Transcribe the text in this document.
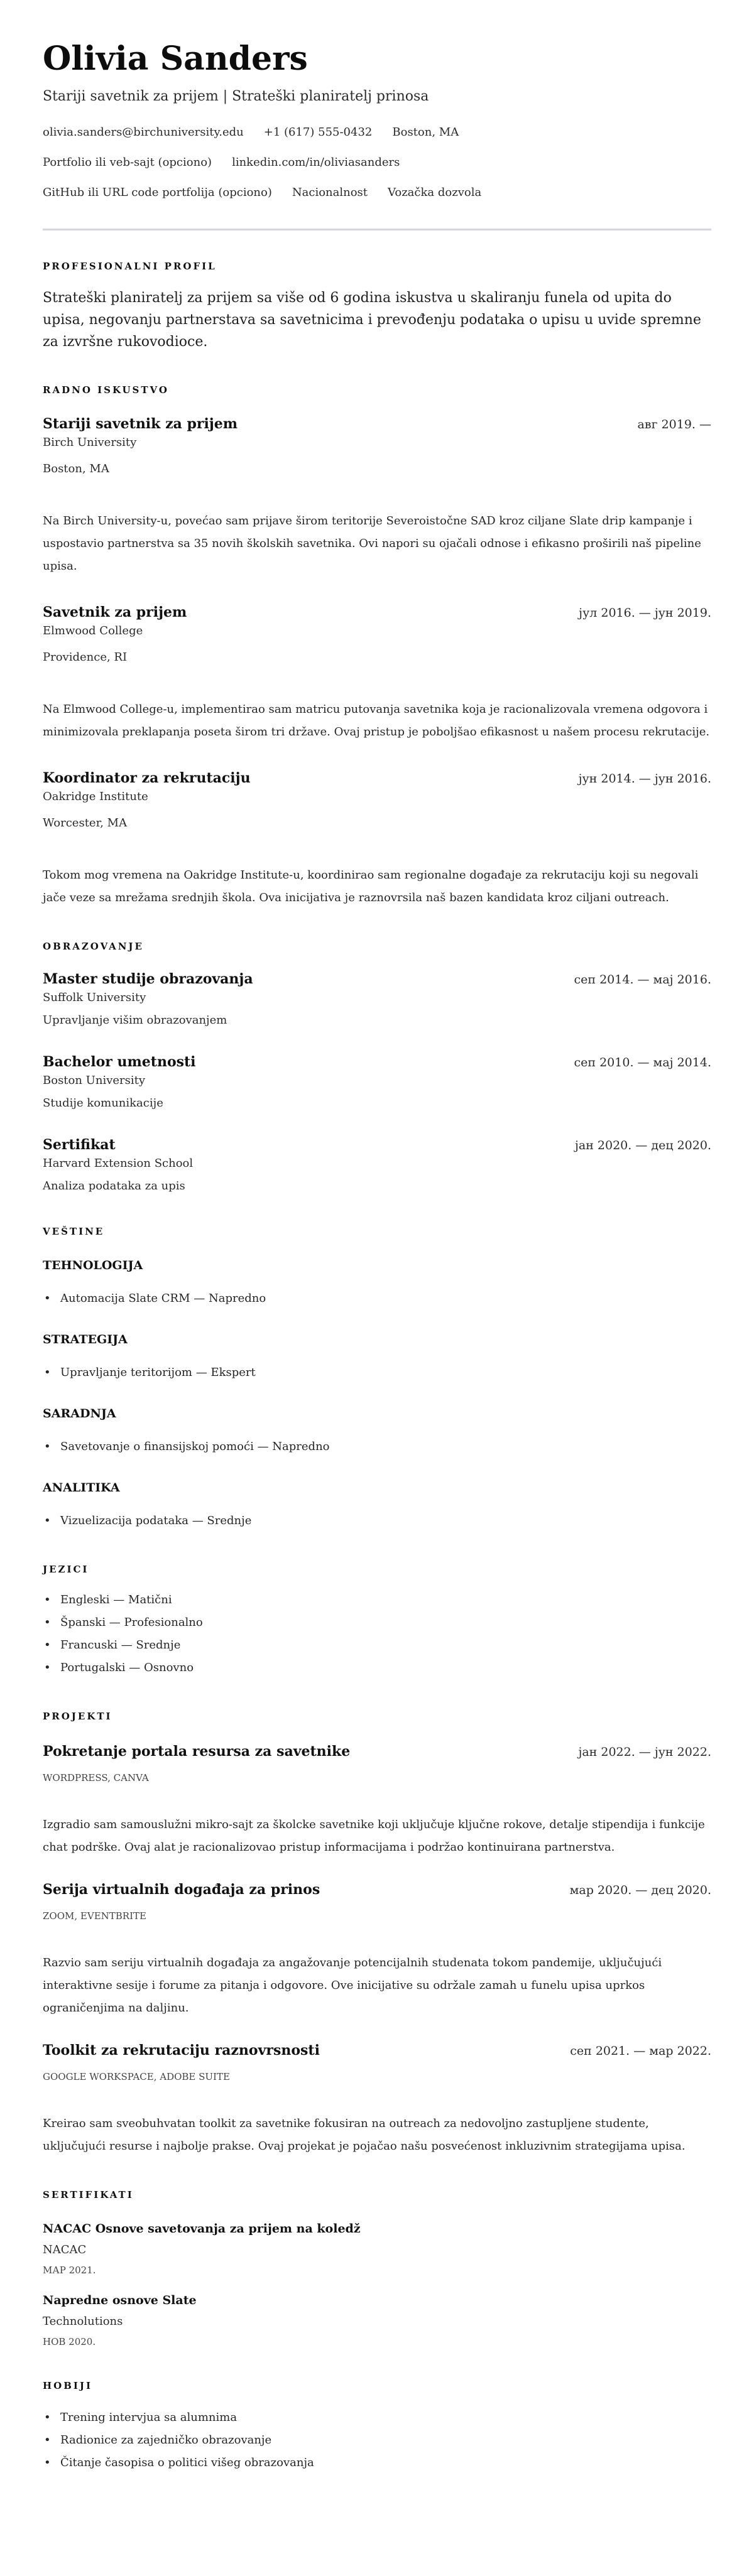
Olivia Sanders
Stariji savetnik za prijem | Strateški planiratelj prinosa
olivia.sanders@birchuniversity.edu +1 (617) 555-0432 Boston, MA
Portfolio ili veb-sajt (opciono) linkedin.com/in/oliviasanders
GitHub ili URL code portfolija (opciono) Nacionalnost Vozačka dozvola
PROFESIONALNI PROFIL

Strateški planiratelj za prijem sa više od 6 godina iskustva u skaliranju funela od upita do upisa, negovanju partnerstava sa savetnicima i prevođenju podataka o upisu u uvide spremne za izvršne rukovodioce.

RADNO ISKUSTVO
Stariji savetnik za prijem	авг 2019. —
Birch University
Boston, MA
Na Birch University-u, povećao sam prijave širom teritorije Severoistočne SAD kroz ciljane Slate drip kampanje i uspostavio partnerstva sa 35 novih školskih savetnika. Ovi napori su ojačali odnose i efikasno proširili naš pipeline upisa.
Savetnik za prijem	јул 2016. — јун 2019.
Elmwood College
Providence, RI
Na Elmwood College-u, implementirao sam matricu putovanja savetnika koja je racionalizovala vremena odgovora i minimizovala preklapanja poseta širom tri države. Ovaj pristup je poboljšao efikasnost u našem procesu rekrutacije.
Koordinator za rekrutaciju	јун 2014. — јун 2016.
Oakridge Institute
Worcester, MA
Tokom mog vremena na Oakridge Institute-u, koordinirao sam regionalne događaje za rekrutaciju koji su negovali jače veze sa mrežama srednjih škola. Ova inicijativa je raznovrsila naš bazen kandidata kroz ciljani outreach.
OBRAZOVANJE
Master studije obrazovanja	сеп 2014. — мај 2016.
Suffolk University
Upravljanje višim obrazovanjem
Bachelor umetnosti	сеп 2010. — мај 2014.
Boston University
Studije komunikacije
Sertifikat	јан 2020. — дец 2020.
Harvard Extension School
Analiza podataka za upis
VEŠTINE
TEHNOLOGIJA
• Automacija Slate CRM — Napredno
STRATEGIJA
• Upravljanje teritorijom — Ekspert
SARADNJA
• Savetovanje o finansijskoj pomoći — Napredno
ANALITIKA
• Vizuelizacija podataka — Srednje
JEZICI
• Engleski — Matični
• Španski — Profesionalno
• Francuski — Srednje
• Portugalski — Osnovno
PROJEKTI
Pokretanje portala resursa za savetnike	јан 2022. — јун 2022.
WORDPRESS, CANVA
Izgradio sam samouslužni mikro-sajt za školcke savetnike koji uključuje ključne rokove, detalje stipendija i funkcije chat podrške. Ovaj alat je racionalizovao pristup informacijama i podržao kontinuirana partnerstva.
Serija virtualnih događaja za prinos	мар 2020. — дец 2020.
ZOOM, EVENTBRITE
Razvio sam seriju virtualnih događaja za angažovanje potencijalnih studenata tokom pandemije, uključujući interaktivne sesije i forume za pitanja i odgovore. Ove inicijative su održale zamah u funelu upisa uprkos ograničenjima na daljinu.
Toolkit za rekrutaciju raznovrsnosti	сеп 2021. — мар 2022.
GOOGLE WORKSPACE, ADOBE SUITE
Kreirao sam sveobuhvatan toolkit za savetnike fokusiran na outreach za nedovoljno zastupljene studente, uključujući resurse i najbolje prakse. Ovaj projekat je pojačao našu posvećenost inkluzivnim strategijama upisa.
SERTIFIKATI
NACAC Osnove savetovanja za prijem na koledž
NACAC
МАР 2021.
Napredne osnove Slate
Technolutions
НОВ 2020.
HOBIJI
• Trening intervjua sa alumnima
• Radionice za zajedničko obrazovanje
• Čitanje časopisa o politici višeg obrazovanja
